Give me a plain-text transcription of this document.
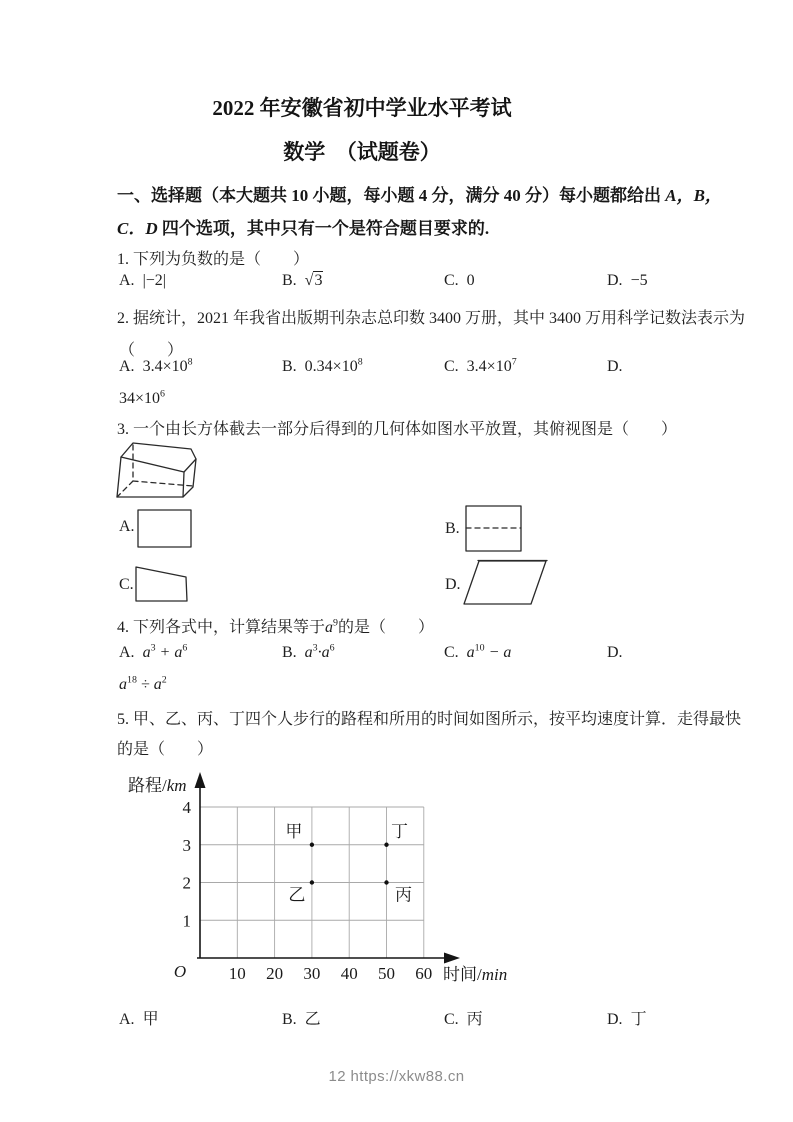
2022 年安徽省初中学业水平考试
数学　（试题卷）
一、选择题（本大题共 10 小题，每小题 4 分，满分 40 分）每小题都给出 A，B，
C．D 四个选项，其中只有一个是符合题目要求的.
1. 下列为负数的是（　　）
A. |−2|	B. √3	C. 0	D. −5
2. 据统计，2021 年我省出版期刊杂志总印数 3400 万册，其中 3400 万用科学记数法表示为
（　　）
A. $3.4\times 10^8$	B. $0.34\times 10^8$	C. $3.4\times 10^7$	D.
$34\times 10^6$
3. 一个由长方体截去一部分后得到的几何体如图水平放置，其俯视图是（　　）
A.	B.
C.	D.
4. 下列各式中，计算结果等于$a^9$的是（　　）
A. $a^3 + a^6$	B. $a^3\cdot a^6$	C. $a^{10} - a$	D.
$a^{18} \div a^2$
5. 甲、乙、丙、丁四个人步行的路程和所用的时间如图所示，按平均速度计算．走得最快
的是（　　）
10 20 30 40 50 60
1
2
3
4
O
路程/km
时间/min
甲
乙	丙
丁
A. 甲	B. 乙	C. 丙	D. 丁
12 https://xkw88.cn
